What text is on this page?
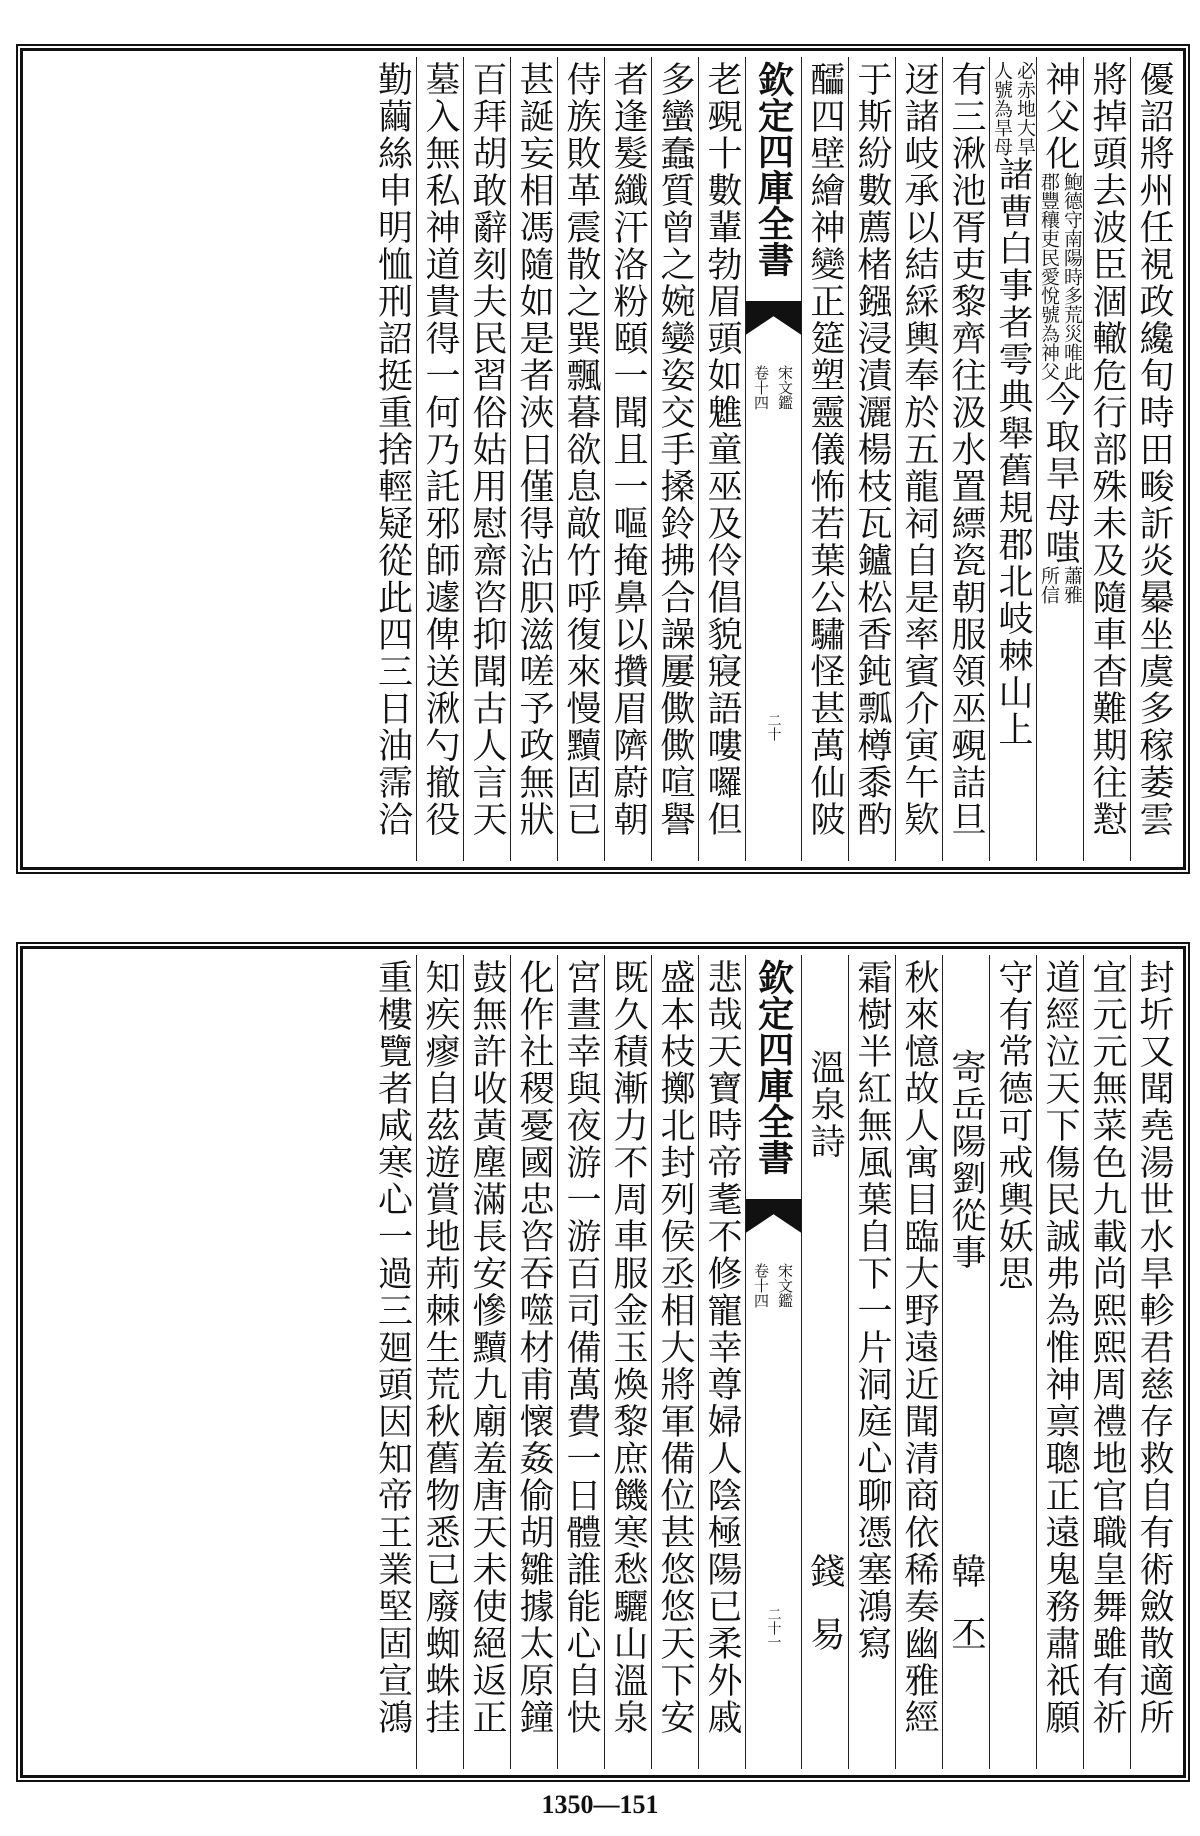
優詔將州任視政纔旬時田畯訢炎㬥坐虞多稼萎雲
將掉頭去波臣涸轍危行部殊未及隨車杳難期往懟
神父化
鮑德守南陽時多荒災唯此
郡豐穰吏民愛悅號為神父
今取旱母嗤
蕭雅
所信
必赤地大旱
人號為旱母
諸曹白事者雩典舉舊規郡北岐棘山上
有三湫池胥吏黎齊往汲水置縹瓷朝服領巫覡詰旦
迓諸岐承以結綵輿奉於五龍祠自是率賓介寅午欵
于斯紛數薦楮鏹浸漬灑楊枝瓦鑪松香鈍瓢樽黍酌
醽四壁繪神變正筵塑靈儀怖若葉公驌怪甚萬仙陂
欽定四庫全書
宋文鑑
卷十四
二十
老覡十數輩勃眉頭如魋童巫及伶倡貌寢語嘍囉但
多蠻蠢質曾之婉孌姿交手搡鈴拂合譟屢僛僛喧譽
者逢髮纖汗洛粉頤一聞且一嘔掩鼻以攢眉隮蔚朝
侍族敗革震散之巽飄暮欲息㪣竹呼復來慢黷固已
甚誕妄相馮隨如是者浹日僅得沾胑滋嗟予政無狀
百拜胡敢辭刻夫民習俗姑用慰齋咨抑聞古人言天
墓入無私神道貴得一何乃託邪師遽俾送湫勺撤役
勤繭絲申明恤刑詔挺重捨輕疑從此四三日油霈洽
封圻又聞堯湯世水旱軫君慈存救自有術斂散適所
宜元元無菜色九載尚熙熙周禮地官職皇舞雖有祈
道經泣天下傷民誠弗為惟神禀聰正遠鬼務肅祇願
守有常德可戒輿妖思
寄岳陽劉從事
韓丕
秋來憶故人寓目臨大野遠近聞清商依稀奏幽雅經
霜樹半紅無風葉自下一片洞庭心聊憑塞鴻寫
溫泉詩
錢易
欽定四庫全書
宋文鑑
卷十四
二十一
悲哉天寶時帝耄不修寵幸尊婦人陰極陽已柔外戚
盛本枝擲北封列侯丞相大將軍備位甚悠悠天下安
既久積漸力不周車服金玉煥黎庶饑寒愁驪山溫泉
宮晝幸與夜游一游百司備萬費一日體誰能心自快
化作社稷憂國忠咨吞噬材甫懷姦偷胡雛據太原鐘
鼓無許收黃塵滿長安慘黷九廟羞唐天未使絕返正
知疾瘳自茲遊賞地荊棘生荒秋舊物悉已廢蜘蛛挂
重樓覽者咸寒心一過三廻頭因知帝王業堅固宣鴻
1350—151
